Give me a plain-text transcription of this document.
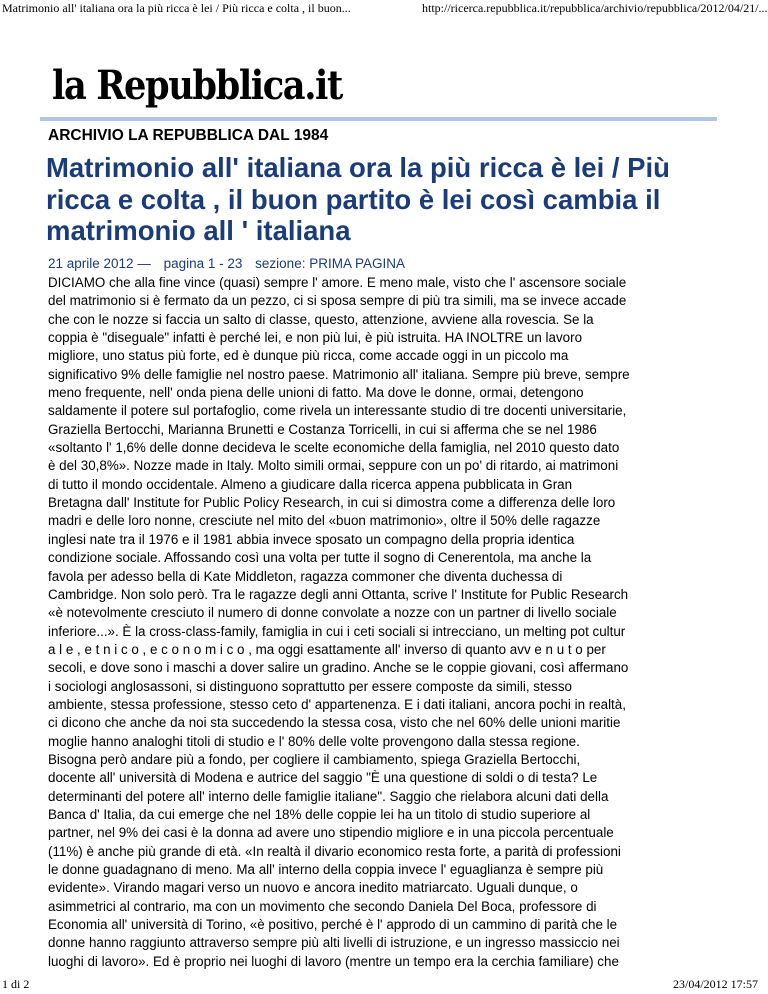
Matrimonio all' italiana ora la più ricca è lei / Più ricca e colta , il buon...	http://ricerca.repubblica.it/repubblica/archivio/repubblica/2012/04/21/...
la Repubblica.it
ARCHIVIO LA REPUBBLICA DAL 1984
Matrimonio all' italiana ora la più ricca è lei / Più ricca e colta , il buon partito è lei così cambia il matrimonio all ' italiana
21 aprile 2012 — pagina 1 - 23 sezione: PRIMA PAGINA
DICIAMO che alla fine vince (quasi) sempre l' amore. E meno male, visto che l' ascensore sociale
del matrimonio si è fermato da un pezzo, ci si sposa sempre di più tra simili, ma se invece accade
che con le nozze si faccia un salto di classe, questo, attenzione, avviene alla rovescia. Se la
coppia è "diseguale" infatti è perché lei, e non più lui, è più istruita. HA INOLTRE un lavoro
migliore, uno status più forte, ed è dunque più ricca, come accade oggi in un piccolo ma
significativo 9% delle famiglie nel nostro paese. Matrimonio all' italiana. Sempre più breve, sempre
meno frequente, nell' onda piena delle unioni di fatto. Ma dove le donne, ormai, detengono
saldamente il potere sul portafoglio, come rivela un interessante studio di tre docenti universitarie,
Graziella Bertocchi, Marianna Brunetti e Costanza Torricelli, in cui si afferma che se nel 1986
«soltanto l' 1,6% delle donne decideva le scelte economiche della famiglia, nel 2010 questo dato
è del 30,8%». Nozze made in Italy. Molto simili ormai, seppure con un po' di ritardo, ai matrimoni
di tutto il mondo occidentale. Almeno a giudicare dalla ricerca appena pubblicata in Gran
Bretagna dall' Institute for Public Policy Research, in cui si dimostra come a differenza delle loro
madri e delle loro nonne, cresciute nel mito del «buon matrimonio», oltre il 50% delle ragazze
inglesi nate tra il 1976 e il 1981 abbia invece sposato un compagno della propria identica
condizione sociale. Affossando così una volta per tutte il sogno di Cenerentola, ma anche la
favola per adesso bella di Kate Middleton, ragazza commoner che diventa duchessa di
Cambridge. Non solo però. Tra le ragazze degli anni Ottanta, scrive l' Institute for Public Research
«è notevolmente cresciuto il numero di donne convolate a nozze con un partner di livello sociale
inferiore...». È la cross-class-family, famiglia in cui i ceti sociali si intrecciano, un melting pot cultur
a l e , e t n i c o , e c o n o m i c o , ma oggi esattamente all' inverso di quanto avv e n u t o per
secoli, e dove sono i maschi a dover salire un gradino. Anche se le coppie giovani, così affermano
i sociologi anglosassoni, si distinguono soprattutto per essere composte da simili, stesso
ambiente, stessa professione, stesso ceto d' appartenenza. E i dati italiani, ancora pochi in realtà,
ci dicono che anche da noi sta succedendo la stessa cosa, visto che nel 60% delle unioni maritie
moglie hanno analoghi titoli di studio e l' 80% delle volte provengono dalla stessa regione.
Bisogna però andare più a fondo, per cogliere il cambiamento, spiega Graziella Bertocchi,
docente all' università di Modena e autrice del saggio "È una questione di soldi o di testa? Le
determinanti del potere all' interno delle famiglie italiane". Saggio che rielabora alcuni dati della
Banca d' Italia, da cui emerge che nel 18% delle coppie lei ha un titolo di studio superiore al
partner, nel 9% dei casi è la donna ad avere uno stipendio migliore e in una piccola percentuale
(11%) è anche più grande di età. «In realtà il divario economico resta forte, a parità di professioni
le donne guadagnano di meno. Ma all' interno della coppia invece l' eguaglianza è sempre più
evidente». Virando magari verso un nuovo e ancora inedito matriarcato. Uguali dunque, o
asimmetrici al contrario, ma con un movimento che secondo Daniela Del Boca, professore di
Economia all' università di Torino, «è positivo, perché è l' approdo di un cammino di parità che le
donne hanno raggiunto attraverso sempre più alti livelli di istruzione, e un ingresso massiccio nei
luoghi di lavoro». Ed è proprio nei luoghi di lavoro (mentre un tempo era la cerchia familiare) che
1 di 2	23/04/2012 17:57
